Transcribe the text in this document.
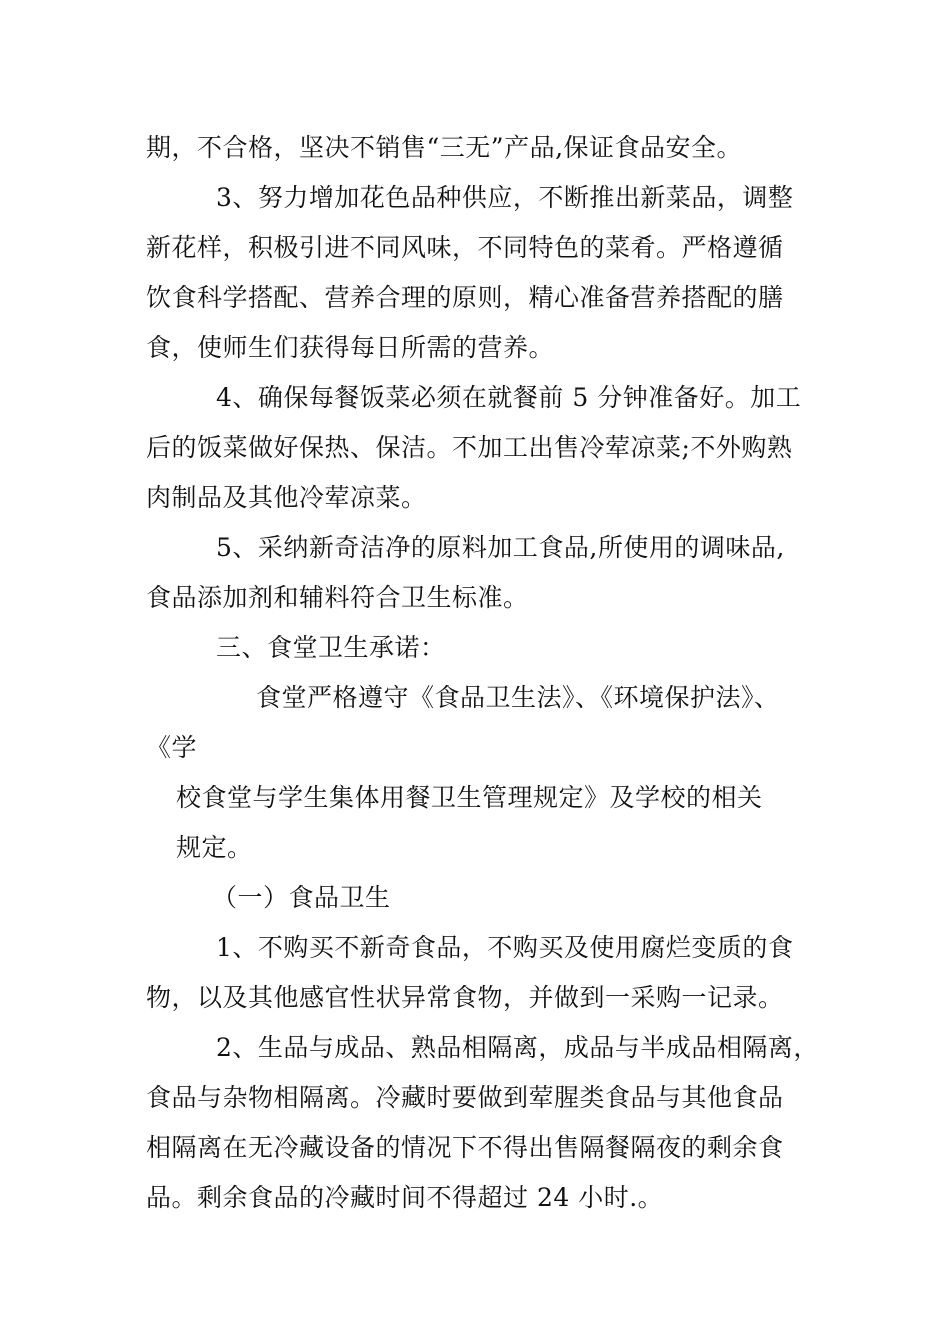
期，不合格，坚决不销售“三无”产品,保证食品安全。
3、努力增加花色品种供应，不断推出新菜品，调整
新花样，积极引进不同风味，不同特色的菜肴。严格遵循
饮食科学搭配、营养合理的原则，精心准备营养搭配的膳
食，使师生们获得每日所需的营养。
4、确保每餐饭菜必须在就餐前 5 分钟准备好。加工
后的饭菜做好保热、保洁。不加工出售冷荤凉菜;不外购熟
肉制品及其他冷荤凉菜。
5、采纳新奇洁净的原料加工食品,所使用的调味品,
食品添加剂和辅料符合卫生标准。
三、食堂卫生承诺：
食堂严格遵守《食品卫生法》、《环境保护法》、
《学
校食堂与学生集体用餐卫生管理规定》及学校的相关
规定。
（一）食品卫生
1、不购买不新奇食品，不购买及使用腐烂变质的食
物，以及其他感官性状异常食物，并做到一采购一记录。
2、生品与成品、熟品相隔离，成品与半成品相隔离，
食品与杂物相隔离。冷藏时要做到荤腥类食品与其他食品
相隔离在无冷藏设备的情况下不得出售隔餐隔夜的剩余食
品。剩余食品的冷藏时间不得超过 24 小时.。
